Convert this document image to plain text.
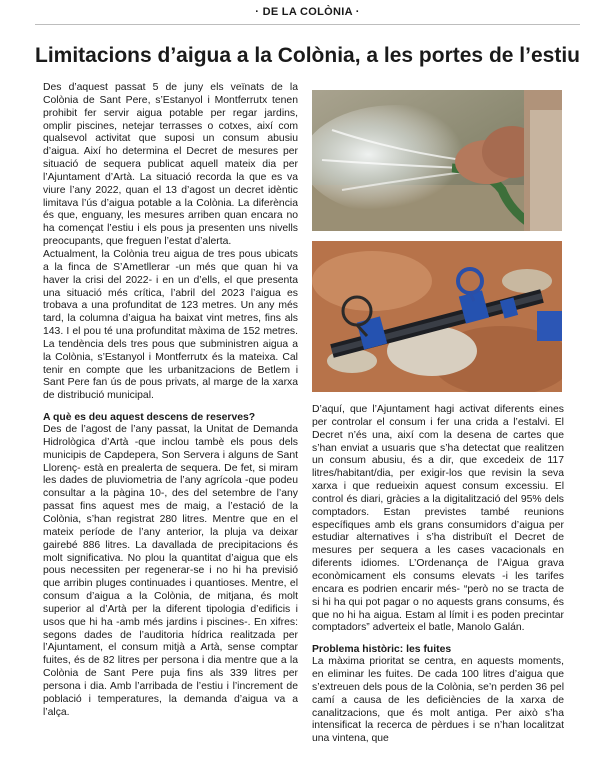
· DE LA COLÒNIA ·
Limitacions d’aigua a la Colònia, a les portes de l’estiu

Des d’aquest passat 5 de juny els veïnats de la Colònia de Sant Pere, s’Estanyol i Montferrutx tenen prohibit fer servir aigua potable per regar jardins, omplir piscines, netejar terrasses o cotxes, així com qualsevol activitat que suposi un consum abusiu d’aigua. Així ho determina el Decret de mesures per situació de sequera publicat aquell mateix dia per l’Ajuntament d’Artà. La situació recorda la que es va viure l’any 2022, quan el 13 d’agost un decret idèntic limitava l’ús d’aigua potable a la Colònia. La diferència és que, enguany, les mesures arriben quan encara no ha començat l’estiu i els pous ja presenten uns nivells preocupants, que freguen l’estat d’alerta.

Actualment, la Colònia treu aigua de tres pous ubicats a la finca de S’Ametllerar -un més que quan hi va haver la crisi del 2022- i en un d’ells, el que presenta una situació més crítica, l’abril del 2023 l’aigua es trobava a una profunditat de 123 metres. Un any més tard, la columna d’aigua ha baixat vint metres, fins als 143. I el pou té una profunditat màxima de 152 metres. La tendència dels tres pous que subministren aigua a la Colònia, s’Estanyol i Montferrutx és la mateixa. Cal tenir en compte que les urbanitzacions de Betlem i Sant Pere fan ús de pous privats, al marge de la xarxa de distribució municipal.

A què es deu aquest descens de reserves?

Des de l’agost de l’any passat, la Unitat de Demanda Hidrològica d’Artà -que inclou tambè els pous dels municipis de Capdepera, Son Servera i alguns de Sant Llorenç- està en prealerta de sequera. De fet, si miram les dades de pluviometria de l’any agrícola -que podeu consultar a la pàgina 10-, des del setembre de l’any passat fins aquest mes de maig, a l’estació de la Colònia, s’han registrat 280 litres. Mentre que en el mateix període de l’any anterior, la pluja va deixar gairebé 886 litres. La davallada de precipitacions és molt significativa. No plou la quantitat d’aigua que els pous necessiten per regenerar-se i no hi ha previsió que arribin pluges continuades i quantioses. Mentre, el consum d’aigua a la Colònia, de mitjana, és molt superior al d’Artà per la diferent tipologia d’edificis i usos que hi ha -amb més jardins i piscines-. En xifres: segons dades de l’auditoria hídrica realitzada per l’Ajuntament, el consum mitjà a Artà, sense comptar fuites, és de 82 litres per persona i dia mentre que a la Colònia de Sant Pere puja fins als 339 litres per persona i dia. Amb l’arribada de l’estiu i l’increment de població i temperatures, la demanda d’aigua va a l’alça.

D’aquí, que l’Ajuntament hagi activat diferents eines per controlar el consum i fer una crida a l’estalvi. El Decret n’és una, així com la desena de cartes que s’han enviat a usuaris que s’ha detectat que realitzen un consum abusiu, és a dir, que excedeix de 117 litres/habitant/dia, per exigir-los que revisin la seva xarxa i que redueixin aquest consum excessiu. El control és diari, gràcies a la digitalització del 95% dels comptadors. Estan previstes també reunions específiques amb els grans consumidors d’aigua per estudiar alternatives i s’ha distribuït el Decret de mesures per sequera a les cases vacacionals en diferents idiomes. L’Ordenança de l’Aigua grava econòmicament els consums elevats -i les tarifes encara es podrien encarir més- “però no se tracta de si hi ha qui pot pagar o no aquests grans consums, és que no hi ha aigua. Estam al límit i es poden precintar comptadors” adverteix el batle, Manolo Galán.

Problema històric: les fuites

La màxima prioritat se centra, en aquests moments, en eliminar les fuites. De cada 100 litres d’aigua que s’extreuen dels pous de la Colònia, se’n perden 36 pel camí a causa de les deficiències de la xarxa de canalitzacions, que és molt antiga. Per això s’ha intensificat la recerca de pèrdues i se n’han localitzat una vintena, que
